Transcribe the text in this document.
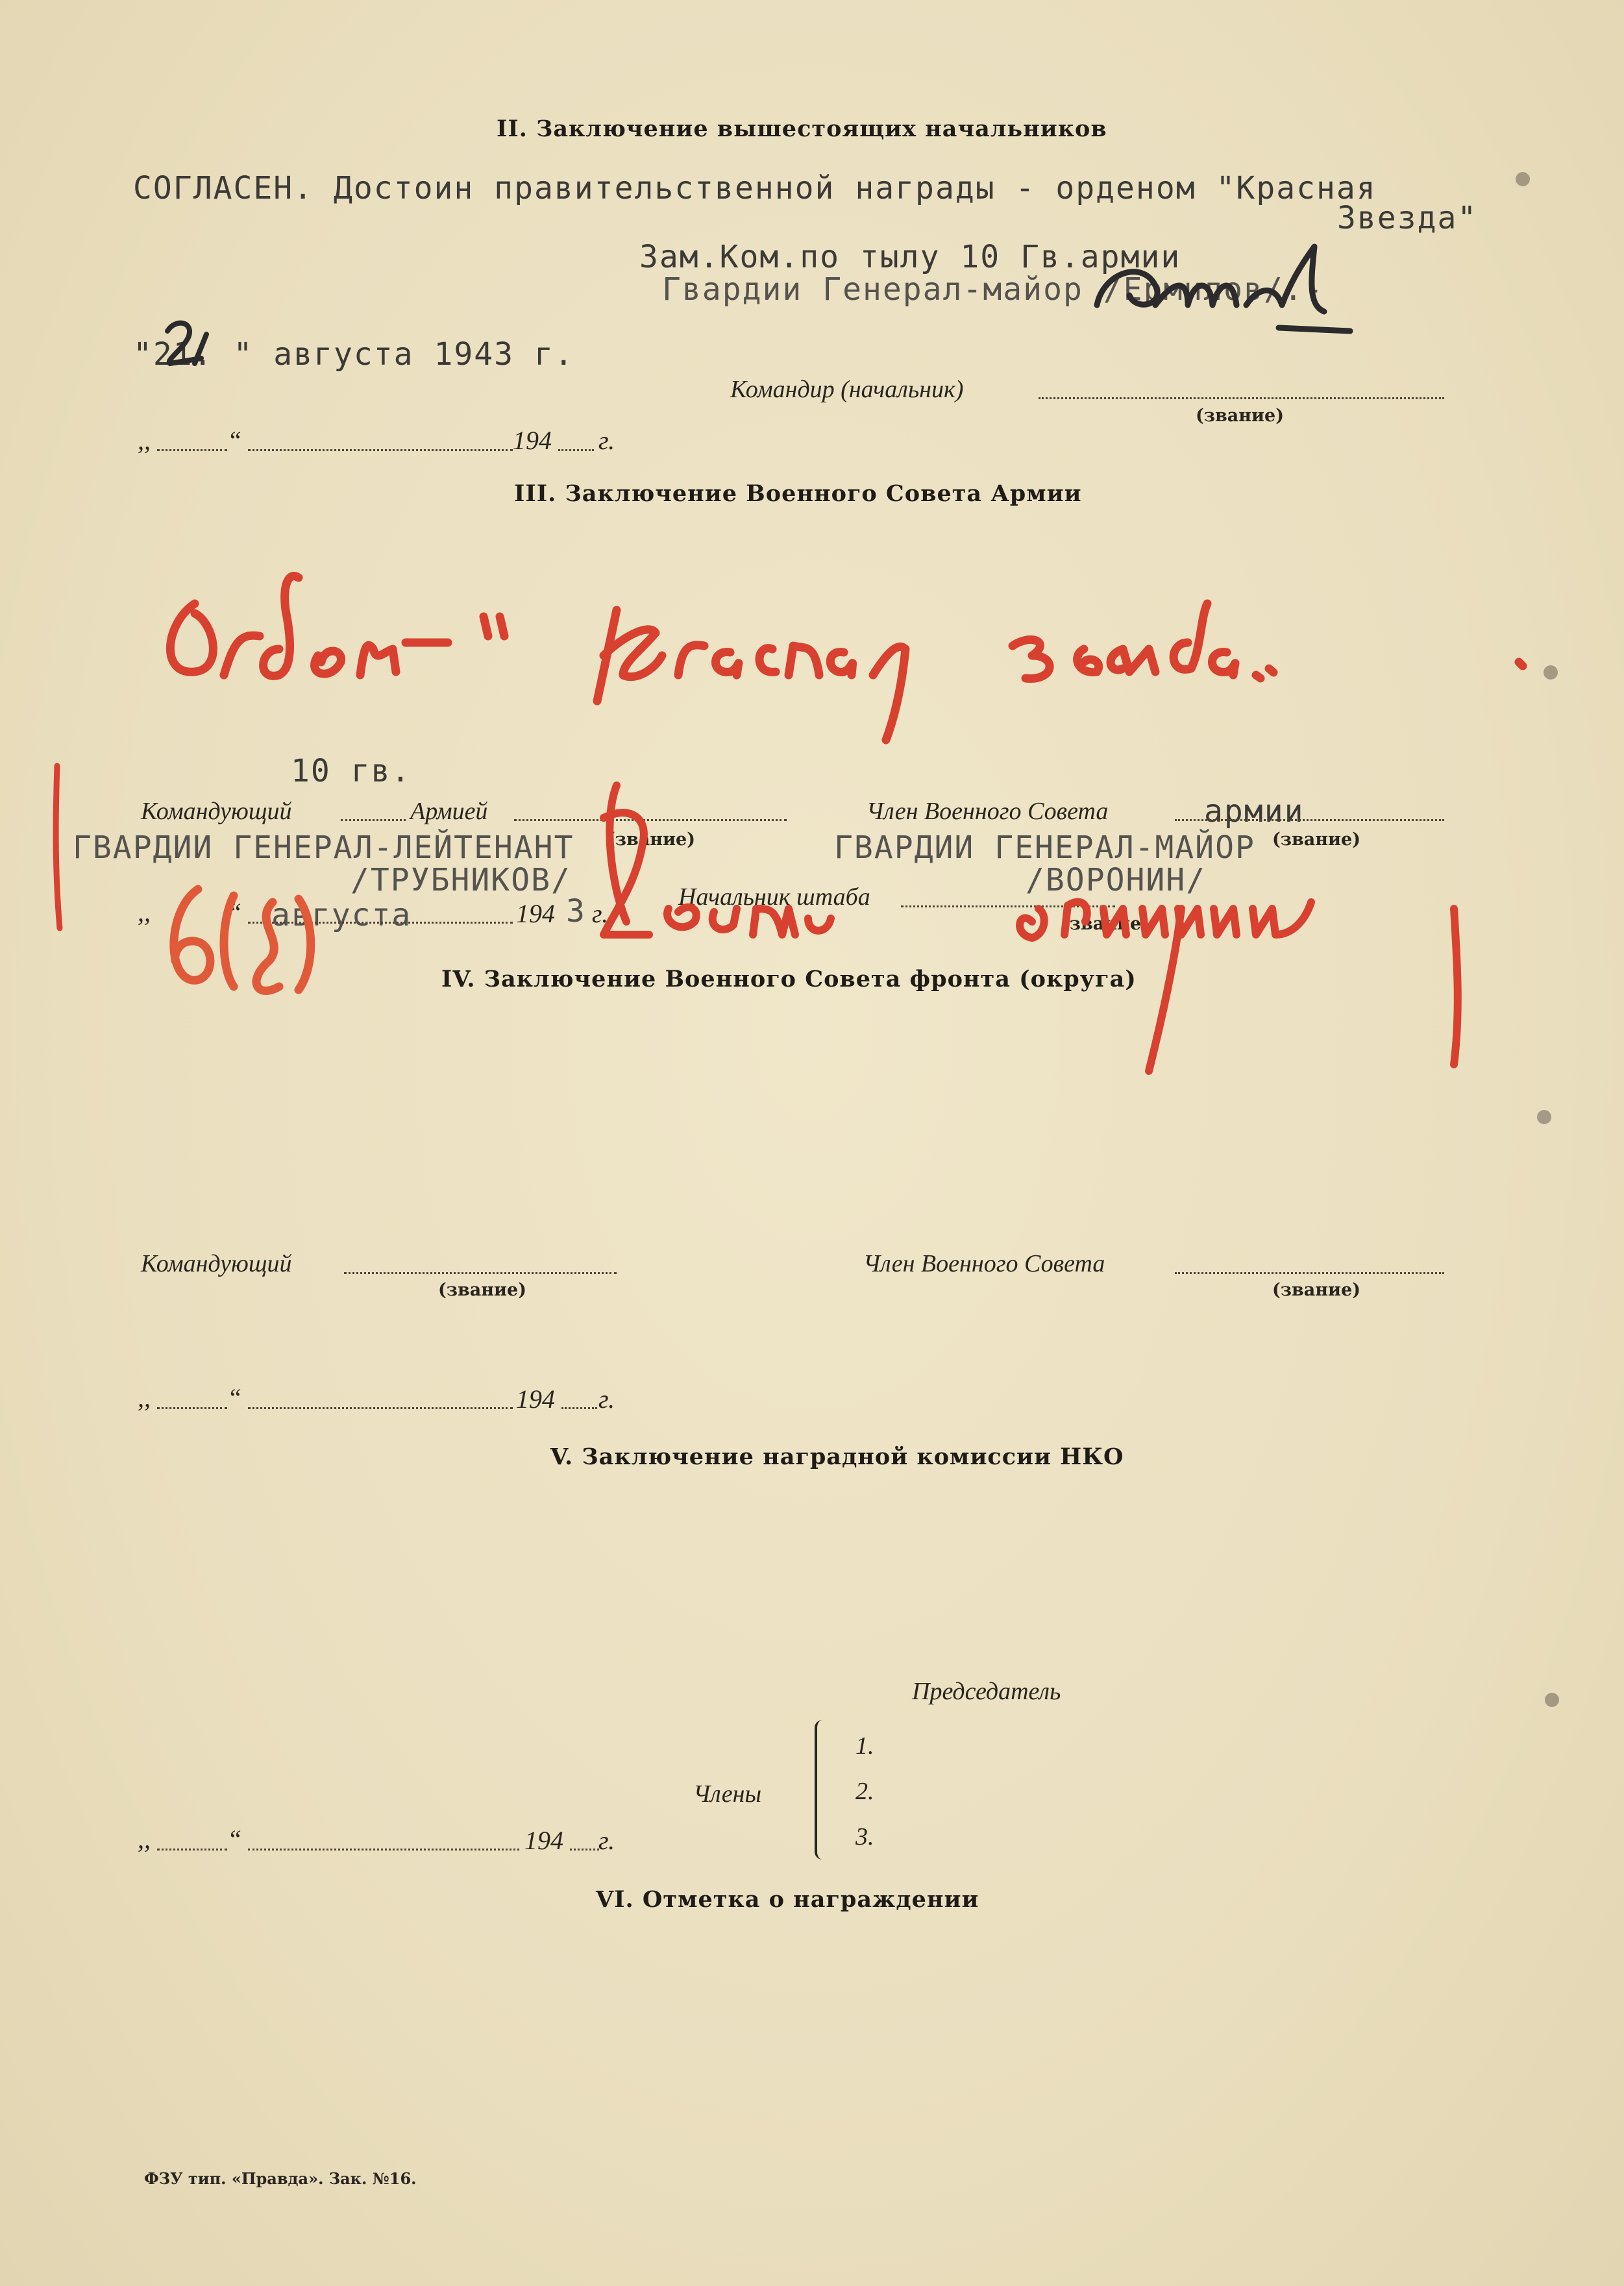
II. Заключение вышестоящих начальников
СОГЛАСЕН. Достоин правительственной награды - орденом "Красная
Звезда"
Зам.Ком.по тылу 10 Гв.армии
Гвардии Генерал-майор /Ермилов/.-
"21. " августа 1943 г.
Командир (начальник)
(звание)
,,	“	194 г.
III. Заключение Военного Совета Армии
10 гв.
Командующий	Армией	Член Военного Совета	армии
ГВАРДИИ ГЕНЕРАЛ-ЛЕЙТЕНАНТ (звание)	ГВАРДИИ ГЕНЕРАЛ-МАЙОР (звание)
/ТРУБНИКОВ/	/ВОРОНИН/
,,	“ августа	194 3 г.
Начальник штаба
(звание)
IV. Заключение Военного Совета фронта (округа)
Командующий
(звание)
Член Военного Совета
(звание)
,,	“	194 г.
V. Заключение наградной комиссии НКО
Председатель
Члены
1.
2.
3.
,,	“	194 г.
VI. Отметка о награждении
ФЗУ тип. «Правда». Зак. №16.
